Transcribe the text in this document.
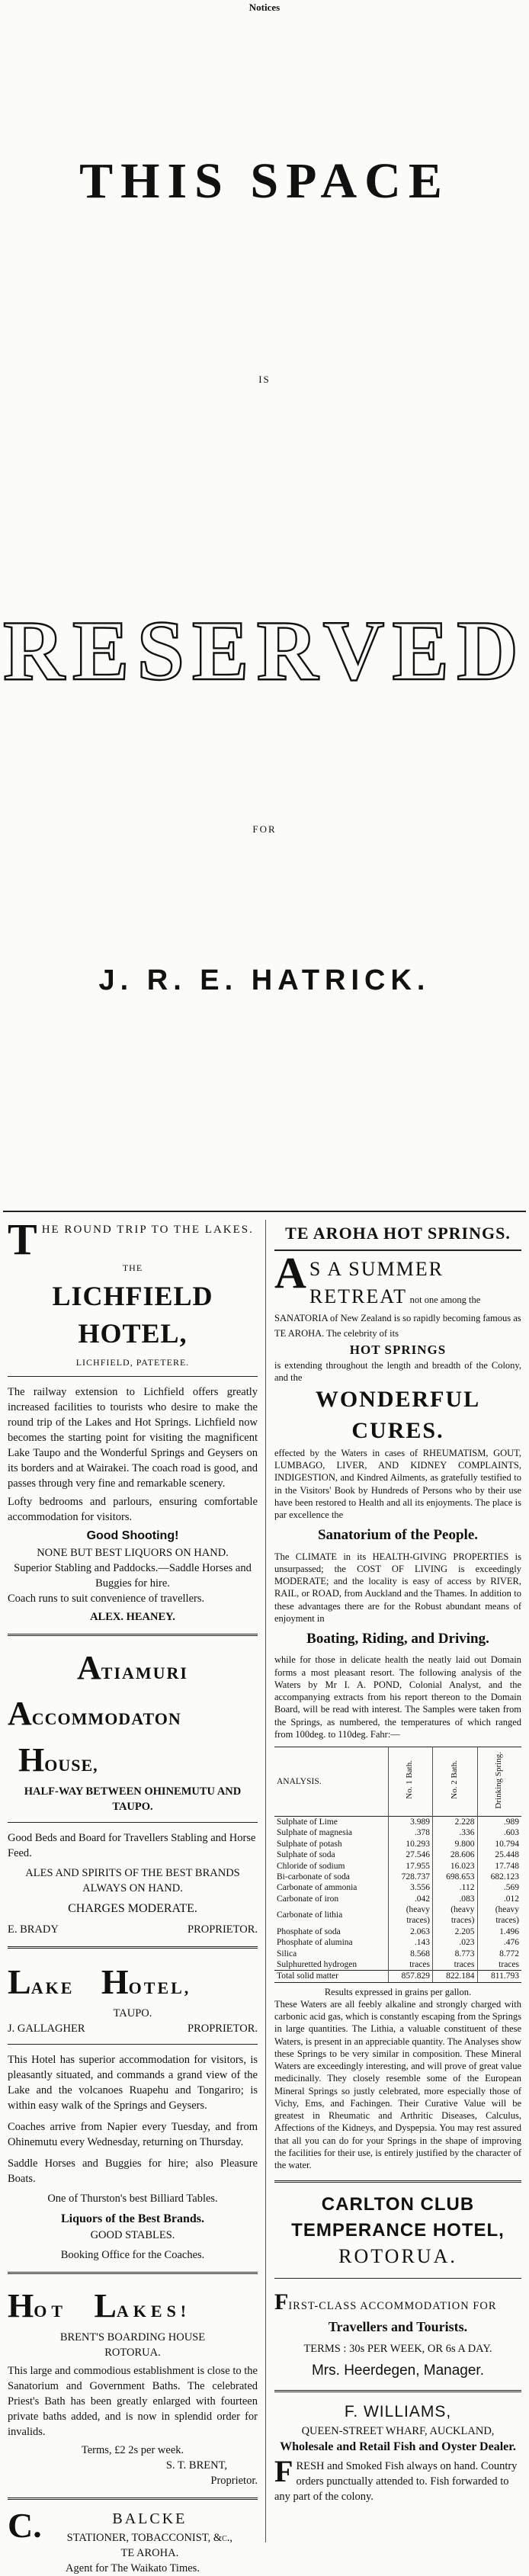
Notices
THIS SPACE
IS
RESERVED
FOR
J. R. E. HATRICK.
T HE ROUND TRIP TO THE LAKES.
THE
LICHFIELD HOTEL,
LICHFIELD, PATETERE.

The railway extension to Lichfield offers greatly increased facilities to tourists who desire to make the round trip of the Lakes and Hot Springs. Lichfield now becomes the starting point for visiting the magnificent Lake Taupo and the Wonderful Springs and Geysers on its borders and at Wairakei. The coach road is good, and passes through very fine and remarkable scenery.

Lofty bedrooms and parlours, ensuring comfortable accommodation for visitors.

Good Shooting!
NONE BUT BEST LIQUORS ON HAND.
Superior Stabling and Paddocks.—Saddle Horses and Buggies for hire.
Coach runs to suit convenience of travellers.
ALEX. HEANEY.
ATIAMURI
ACCOMMODATON HOUSE,
HALF-WAY BETWEEN OHINEMUTU AND TAUPO.
Good Beds and Board for Travellers Stabling and Horse Feed.
ALES AND SPIRITS OF THE BEST BRANDS ALWAYS ON HAND.
CHARGES MODERATE.
E. BRADY	PROPRIETOR.
LAKE HOTEL,
TAUPO.
J. GALLAGHER	PROPRIETOR.

This Hotel has superior accommodation for visitors, is pleasantly situated, and commands a grand view of the Lake and the volcanoes Ruapehu and Tongariro; is within easy walk of the Springs and Geysers.

Coaches arrive from Napier every Tuesday, and from Ohinemutu every Wednesday, returning on Thursday.

Saddle Horses and Buggies for hire; also Pleasure Boats.

One of Thurston's best Billiard Tables.
Liquors of the Best Brands.
GOOD STABLES.
Booking Office for the Coaches.
HOT LAKES!
BRENT'S BOARDING HOUSE
ROTORUA.

This large and commodious establishment is close to the Sanatorium and Government Baths. The celebrated Priest's Bath has been greatly enlarged with fourteen private baths added, and is now in splendid order for invalids.

Terms, £2 2s per week.
S. T. BRENT,
Proprietor.
C.	BALCKE
STATIONER, TOBACCONIST, &c.,
TE AROHA.
Agent for The Waikato Times.
TE AROHA HOT SPRINGS.
A S A SUMMER RETREAT not one among the SANATORIA of New Zealand is so rapidly becoming famous as TE AROHA. The celebrity of its
HOT SPRINGS
is extending throughout the length and breadth of the Colony, and the
WONDERFUL CURES.
effected by the Waters in cases of RHEUMATISM, GOUT, LUMBAGO, LIVER, AND KIDNEY COMPLAINTS, INDIGESTION, and Kindred Ailments, as gratefully testified to in the Visitors' Book by Hundreds of Persons who by their use have been restored to Health and all its enjoyments. The place is par excellence the
Sanatorium of the People.
The CLIMATE in its HEALTH-GIVING PROPERTIES is unsurpassed; the COST OF LIVING is exceedingly MODERATE; and the locality is easy of access by RIVER, RAIL, or ROAD, from Auckland and the Thames. In addition to these advantages there are for the Robust abundant means of enjoyment in
Boating, Riding, and Driving.
while for those in delicate health the neatly laid out Domain forms a most pleasant resort. The following analysis of the Waters by Mr I. A. POND, Colonial Analyst, and the accompanying extracts from his report thereon to the Domain Board, will be read with interest. The Samples were taken from the Springs, as numbered, the temperatures of which ranged from 100deg. to 110deg. Fahr:—
ANALYSIS.	No. 1 Bath.	No. 2 Bath.	Drinking Spring.
Sulphate of Lime	3.989	2.228	.989
Sulphate of magnesia	.378	.336	.603
Sulphate of potash	10.293	9.800	10.794
Sulphate of soda	27.546	28.606	25.448
Chloride of sodium	17.955	16.023	17.748
Bi-carbonate of soda	728.737	698.653	682.123
Carbonate of ammonia	3.556	.112	.569
Carbonate of iron	.042	.083	.012
Carbonate of lithia	(heavy traces)	(heavy traces)	(heavy traces)
Phosphate of soda	2.063	2.205	1.496
Phosphate of alumina	.143	.023	.476
Silica	8.568	8.773	8.772
Sulphuretted hydrogen	traces	traces	traces
Total solid matter	857.829	822.184	811.793
Results expressed in grains per gallon.
These Waters are all feebly alkaline and strongly charged with carbonic acid gas, which is constantly escaping from the Springs in large quantities. The Lithia, a valuable constituent of these Waters, is present in an appreciable quantity. The Analyses show these Springs to be very similar in composition. These Mineral Waters are exceedingly interesting, and will prove of great value medicinally. They closely resemble some of the European Mineral Springs so justly celebrated, more especially those of Vichy, Ems, and Fachingen. Their Curative Value will be greatest in Rheumatic and Arthritic Diseases, Calculus, Affections of the Kidneys, and Dyspepsia. You may rest assured that all you can do for your Springs in the shape of improving the facilities for their use, is entirely justified by the character of the water.
CARLTON CLUB TEMPERANCE HOTEL,
ROTORUA.
FIRST-CLASS ACCOMMODATION FOR
Travellers and Tourists.
TERMS : 30s PER WEEK, OR 6s A DAY.
Mrs. Heerdegen, Manager.
F. WILLIAMS,
QUEEN-STREET WHARF, AUCKLAND,
Wholesale and Retail Fish and Oyster Dealer.
F RESH and Smoked Fish always on hand. Country orders punctually attended to. Fish forwarded to any part of the colony.
